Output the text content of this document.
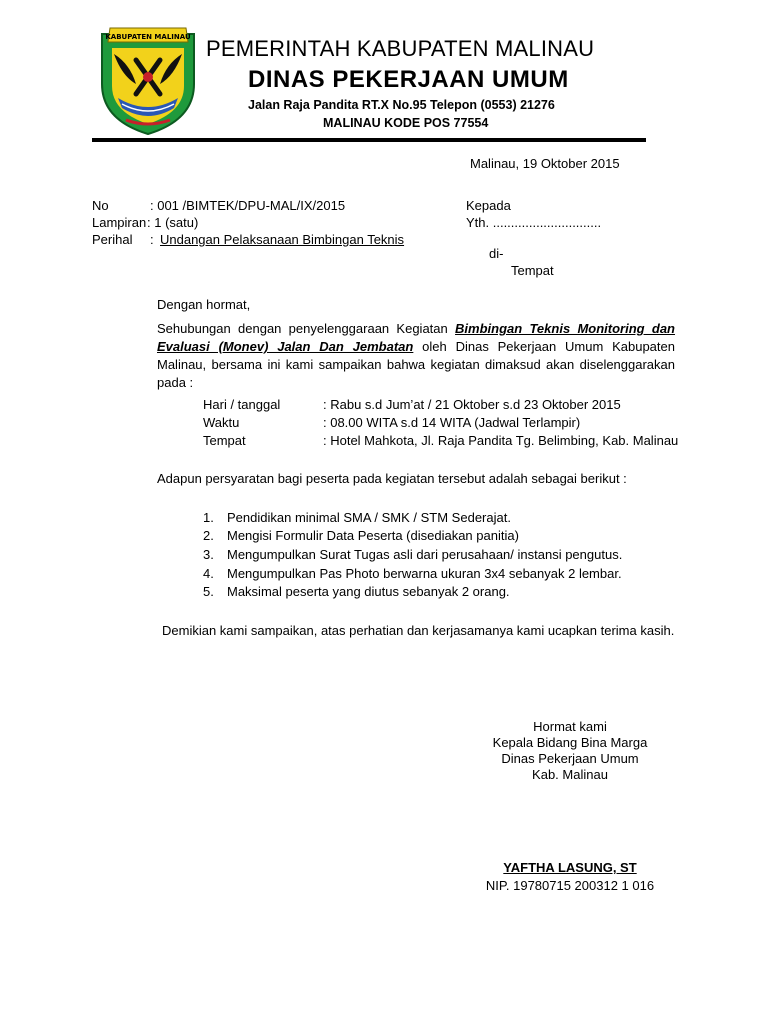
KABUPATEN MALINAU PEMERINTAH KABUPATEN MALINAU
DINAS PEKERJAAN UMUM
Jalan Raja Pandita RT.X No.95 Telepon (0553) 21276
MALINAU KODE POS 77554
Malinau, 19 Oktober 2015
No	: 001 /BIMTEK/DPU-MAL/IX/2015
Lampiran : 1 (satu)
Perihal : Undangan Pelaksanaan Bimbingan Teknis
Kepada
Yth. ..............................
di-
Tempat
Dengan hormat,
Sehubungan dengan penyelenggaraan Kegiatan Bimbingan Teknis Monitoring dan Evaluasi (Monev) Jalan Dan Jembatan oleh Dinas Pekerjaan Umum Kabupaten Malinau, bersama ini kami sampaikan bahwa kegiatan dimaksud akan diselenggarakan pada :
Hari / tanggal	: Rabu s.d Jum’at / 21 Oktober s.d 23 Oktober 2015
Waktu	: 08.00 WITA s.d 14 WITA (Jadwal Terlampir)
Tempat	: Hotel Mahkota, Jl. Raja Pandita Tg. Belimbing, Kab. Malinau
Adapun persyaratan bagi peserta pada kegiatan tersebut adalah sebagai berikut :
1. Pendidikan minimal SMA / SMK / STM Sederajat.
2. Mengisi Formulir Data Peserta (disediakan panitia)
3. Mengumpulkan Surat Tugas asli dari perusahaan/ instansi pengutus.
4. Mengumpulkan Pas Photo berwarna ukuran 3x4 sebanyak 2 lembar.
5. Maksimal peserta yang diutus sebanyak 2 orang.
Demikian kami sampaikan, atas perhatian dan kerjasamanya kami ucapkan terima kasih.
Hormat kami
Kepala Bidang Bina Marga
Dinas Pekerjaan Umum
Kab. Malinau
YAFTHA LASUNG, ST
NIP. 19780715 200312 1 016
